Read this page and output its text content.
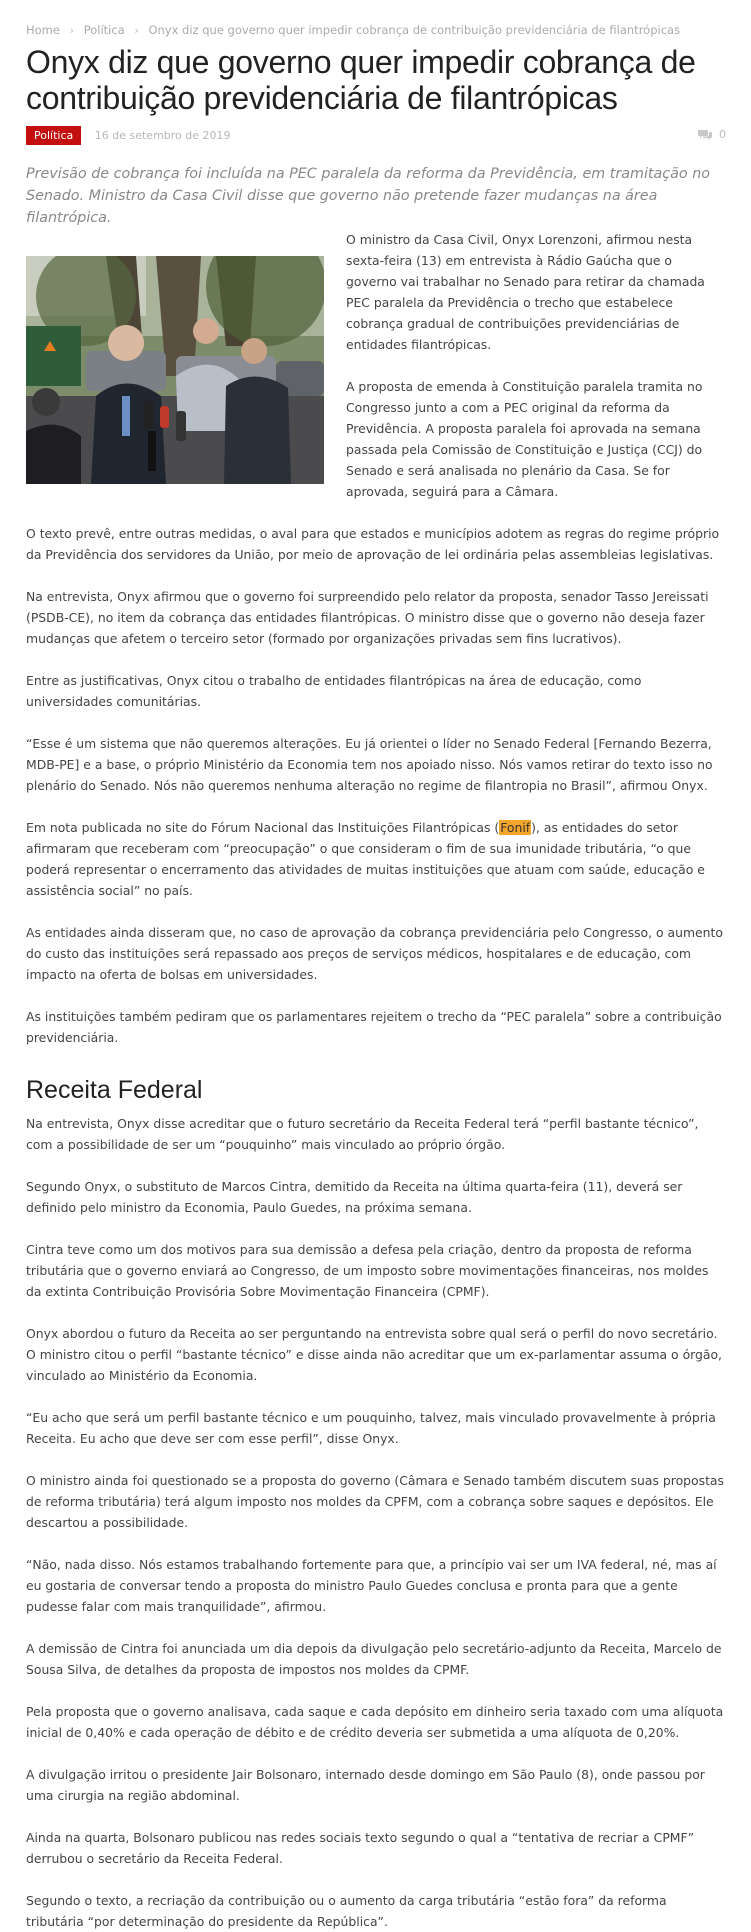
Home › Política › Onyx diz que governo quer impedir cobrança de contribuição previdenciária de filantrópicas
Onyx diz que governo quer impedir cobrança de contribuição previdenciária de filantrópicas
Política 16 de setembro de 2019	0

Previsão de cobrança foi incluída na PEC paralela da reforma da Previdência, em tramitação no Senado. Ministro da Casa Civil disse que governo não pretende fazer mudanças na área filantrópica.

O ministro da Casa Civil, Onyx Lorenzoni, afirmou nesta sexta-feira (13) em entrevista à Rádio Gaúcha que o governo vai trabalhar no Senado para retirar da chamada PEC paralela da Previdência o trecho que estabelece cobrança gradual de contribuições previdenciárias de entidades filantrópicas.

A proposta de emenda à Constituição paralela tramita no Congresso junto a com a PEC original da reforma da Previdência. A proposta paralela foi aprovada na semana passada pela Comissão de Constituição e Justiça (CCJ) do Senado e será analisada no plenário da Casa. Se for aprovada, seguirá para a Câmara.

O texto prevê, entre outras medidas, o aval para que estados e municípios adotem as regras do regime próprio da Previdência dos servidores da União, por meio de aprovação de lei ordinária pelas assembleias legislativas.

Na entrevista, Onyx afirmou que o governo foi surpreendido pelo relator da proposta, senador Tasso Jereissati (PSDB-CE), no item da cobrança das entidades filantrópicas. O ministro disse que o governo não deseja fazer mudanças que afetem o terceiro setor (formado por organizações privadas sem fins lucrativos).

Entre as justificativas, Onyx citou o trabalho de entidades filantrópicas na área de educação, como universidades comunitárias.

“Esse é um sistema que não queremos alterações. Eu já orientei o líder no Senado Federal [Fernando Bezerra, MDB-PE] e a base, o próprio Ministério da Economia tem nos apoiado nisso. Nós vamos retirar do texto isso no plenário do Senado. Nós não queremos nenhuma alteração no regime de filantropia no Brasil”, afirmou Onyx.

Em nota publicada no site do Fórum Nacional das Instituições Filantrópicas (Fonif), as entidades do setor afirmaram que receberam com “preocupação” o que consideram o fim de sua imunidade tributária, “o que poderá representar o encerramento das atividades de muitas instituições que atuam com saúde, educação e assistência social” no país.

As entidades ainda disseram que, no caso de aprovação da cobrança previdenciária pelo Congresso, o aumento do custo das instituições será repassado aos preços de serviços médicos, hospitalares e de educação, com impacto na oferta de bolsas em universidades.

As instituições também pediram que os parlamentares rejeitem o trecho da “PEC paralela” sobre a contribuição previdenciária.

Receita Federal

Na entrevista, Onyx disse acreditar que o futuro secretário da Receita Federal terá “perfil bastante técnico”, com a possibilidade de ser um “pouquinho” mais vinculado ao próprio órgão.

Segundo Onyx, o substituto de Marcos Cintra, demitido da Receita na última quarta-feira (11), deverá ser definido pelo ministro da Economia, Paulo Guedes, na próxima semana.

Cintra teve como um dos motivos para sua demissão a defesa pela criação, dentro da proposta de reforma tributária que o governo enviará ao Congresso, de um imposto sobre movimentações financeiras, nos moldes da extinta Contribuição Provisória Sobre Movimentação Financeira (CPMF).

Onyx abordou o futuro da Receita ao ser perguntando na entrevista sobre qual será o perfil do novo secretário. O ministro citou o perfil “bastante técnico” e disse ainda não acreditar que um ex-parlamentar assuma o órgão, vinculado ao Ministério da Economia.

“Eu acho que será um perfil bastante técnico e um pouquinho, talvez, mais vinculado provavelmente à própria Receita. Eu acho que deve ser com esse perfil”, disse Onyx.

O ministro ainda foi questionado se a proposta do governo (Câmara e Senado também discutem suas propostas de reforma tributária) terá algum imposto nos moldes da CPFM, com a cobrança sobre saques e depósitos. Ele descartou a possibilidade.

“Não, nada disso. Nós estamos trabalhando fortemente para que, a princípio vai ser um IVA federal, né, mas aí eu gostaria de conversar tendo a proposta do ministro Paulo Guedes conclusa e pronta para que a gente pudesse falar com mais tranquilidade”, afirmou.

A demissão de Cintra foi anunciada um dia depois da divulgação pelo secretário-adjunto da Receita, Marcelo de Sousa Silva, de detalhes da proposta de impostos nos moldes da CPMF.

Pela proposta que o governo analisava, cada saque e cada depósito em dinheiro seria taxado com uma alíquota inicial de 0,40% e cada operação de débito e de crédito deveria ser submetida a uma alíquota de 0,20%.

A divulgação irritou o presidente Jair Bolsonaro, internado desde domingo em São Paulo (8), onde passou por uma cirurgia na região abdominal.

Ainda na quarta, Bolsonaro publicou nas redes sociais texto segundo o qual a “tentativa de recriar a CPMF” derrubou o secretário da Receita Federal.

Segundo o texto, a recriação da contribuição ou o aumento da carga tributária “estão fora” da reforma tributária “por determinação do presidente da República”.
